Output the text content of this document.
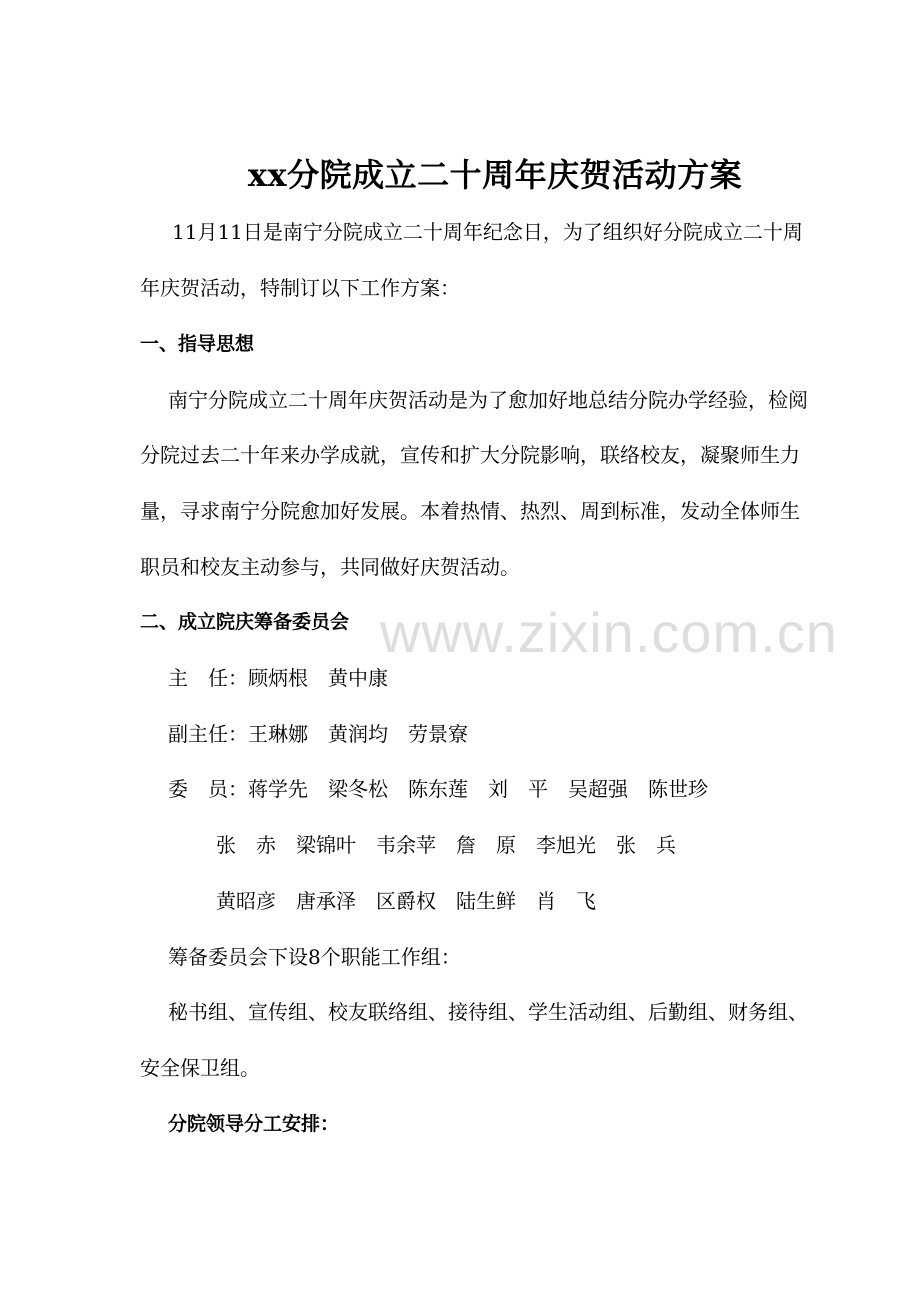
xx分院成立二十周年庆贺活动方案
11月11日是南宁分院成立二十周年纪念日，为了组织好分院成立二十周
年庆贺活动，特制订以下工作方案：
一、指导思想
南宁分院成立二十周年庆贺活动是为了愈加好地总结分院办学经验，检阅
分院过去二十年来办学成就，宣传和扩大分院影响，联络校友，凝聚师生力
量，寻求南宁分院愈加好发展。本着热情、热烈、周到标准，发动全体师生
职员和校友主动参与，共同做好庆贺活动。
二、成立院庆筹备委员会
主　任：顾炳根　黄中康
副主任：王琳娜　黄润均　劳景寮
委　员：蒋学先　梁冬松　陈东莲　刘　平　吴超强　陈世珍
张　赤　梁锦叶　韦余苹　詹　原　李旭光　张　兵
黄昭彦　唐承泽　区爵权　陆生鲜　肖　飞
筹备委员会下设8个职能工作组：
秘书组、宣传组、校友联络组、接待组、学生活动组、后勤组、财务组、
安全保卫组。
分院领导分工安排：
www.zixin.com.cn
